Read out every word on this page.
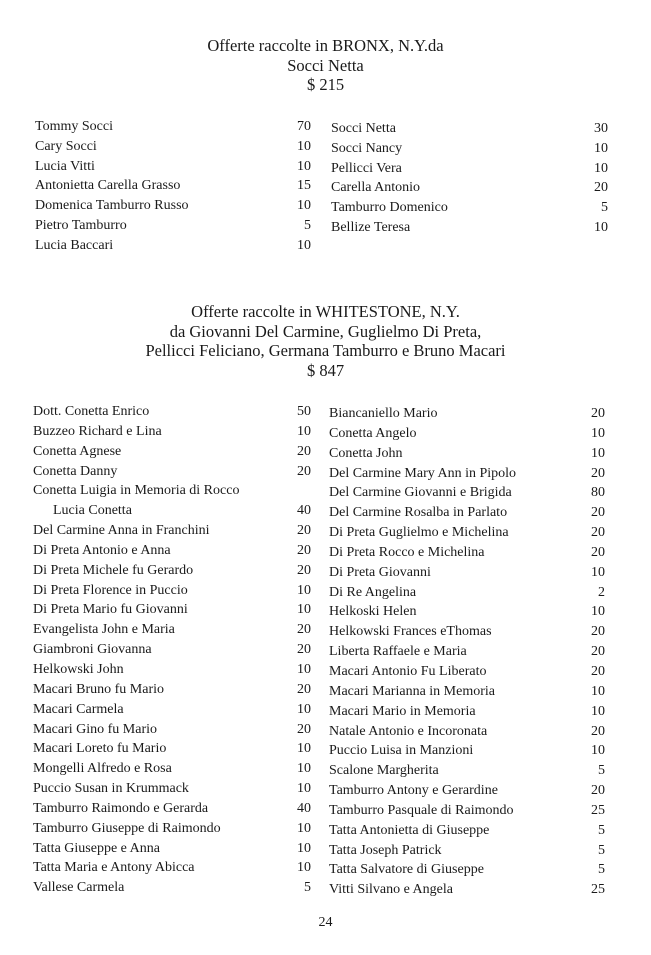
Offerte raccolte in BRONX, N.Y.da
Socci Netta
$ 215
Tommy Socci	70
Cary Socci	10
Lucia Vitti	10
Antonietta Carella Grasso	15
Domenica Tamburro Russo	10
Pietro Tamburro	5
Lucia Baccari	10
Socci Netta	30
Socci Nancy	10
Pellicci Vera	10
Carella Antonio	20
Tamburro Domenico	5
Bellize Teresa	10
Offerte raccolte in WHITESTONE, N.Y.
da Giovanni Del Carmine, Guglielmo Di Preta,
Pellicci Feliciano, Germana Tamburro e Bruno Macari
$ 847
Dott. Conetta Enrico	50
Buzzeo Richard e Lina	10
Conetta Agnese	20
Conetta Danny	20
Conetta Luigia in Memoria di Rocco
Lucia Conetta	40
Del Carmine Anna in Franchini	20
Di Preta Antonio e Anna	20
Di Preta Michele fu Gerardo	20
Di Preta Florence in Puccio	10
Di Preta Mario fu Giovanni	10
Evangelista John e Maria	20
Giambroni Giovanna	20
Helkowski John	10
Macari Bruno fu Mario	20
Macari Carmela	10
Macari Gino fu Mario	20
Macari Loreto fu Mario	10
Mongelli Alfredo e Rosa	10
Puccio Susan in Krummack	10
Tamburro Raimondo e Gerarda	40
Tamburro Giuseppe di Raimondo	10
Tatta Giuseppe e Anna	10
Tatta Maria e Antony Abicca	10
Vallese Carmela	5
Biancaniello Mario	20
Conetta Angelo	10
Conetta John	10
Del Carmine Mary Ann in Pipolo	20
Del Carmine Giovanni e Brigida	80
Del Carmine Rosalba in Parlato	20
Di Preta Guglielmo e Michelina	20
Di Preta Rocco e Michelina	20
Di Preta Giovanni	10
Di Re Angelina	2
Helkoski Helen	10
Helkowski Frances eThomas	20
Liberta Raffaele e Maria	20
Macari Antonio Fu Liberato	20
Macari Marianna in Memoria	10
Macari Mario in Memoria	10
Natale Antonio e Incoronata	20
Puccio Luisa in Manzioni	10
Scalone Margherita	5
Tamburro Antony e Gerardine	20
Tamburro Pasquale di Raimondo	25
Tatta Antonietta di Giuseppe	5
Tatta Joseph Patrick	5
Tatta Salvatore di Giuseppe	5
Vitti Silvano e Angela	25
24
